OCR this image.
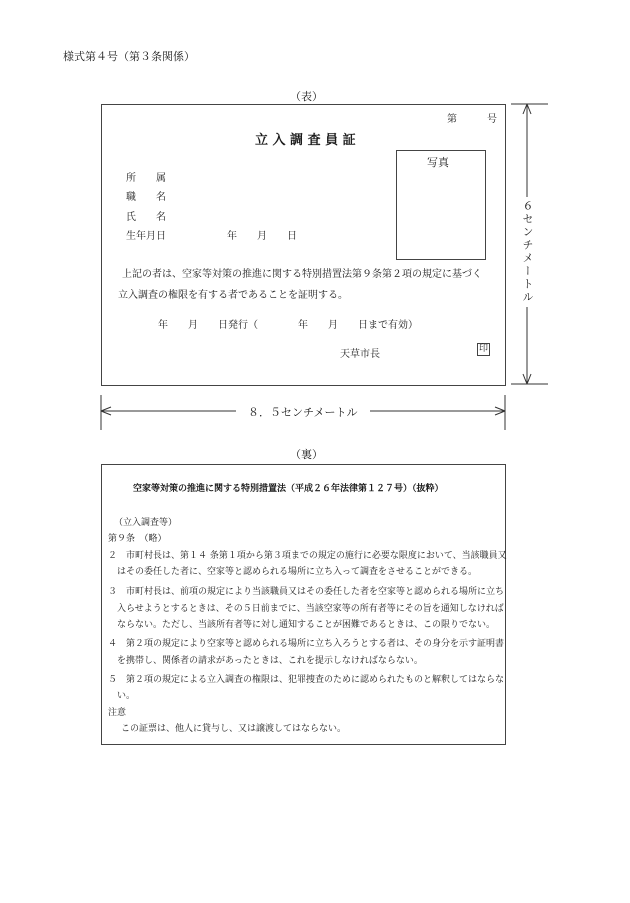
様式第４号（第３条関係）
（表）
第　　　号
立 入 調 査 員 証
写真
所　　属
職　　名
氏　　名
生年月日	年　　月　　日
上記の者は、空家等対策の推進に関する特別措置法第９条第２項の規定に基づく
立入調査の権限を有する者であることを証明する。
年　　月　　日発行（　　　　年　　月　　日まで有効）
天草市長	印
６センチメートル
８．５センチメートル
（裏）
空家等対策の推進に関する特別措置法（平成２６年法律第１２７号）（抜粋）
（立入調査等）
第９条　（略）
２　市町村長は、第１４ 条第１項から第３項までの規定の施行に必要な限度において、当該職員又
　はその委任した者に、空家等と認められる場所に立ち入って調査をさせることができる。
３　市町村長は、前項の規定により当該職員又はその委任した者を空家等と認められる場所に立ち
　入らせようとするときは、その５日前までに、当該空家等の所有者等にその旨を通知しなければ
　ならない。ただし、当該所有者等に対し通知することが困難であるときは、この限りでない。
４　第２項の規定により空家等と認められる場所に立ち入ろうとする者は、その身分を示す証明書
　を携帯し、関係者の請求があったときは、これを提示しなければならない。
５　第２項の規定による立入調査の権限は、犯罪捜査のために認められたものと解釈してはならな
　い。
注意
この証票は、他人に貸与し、又は譲渡してはならない。
